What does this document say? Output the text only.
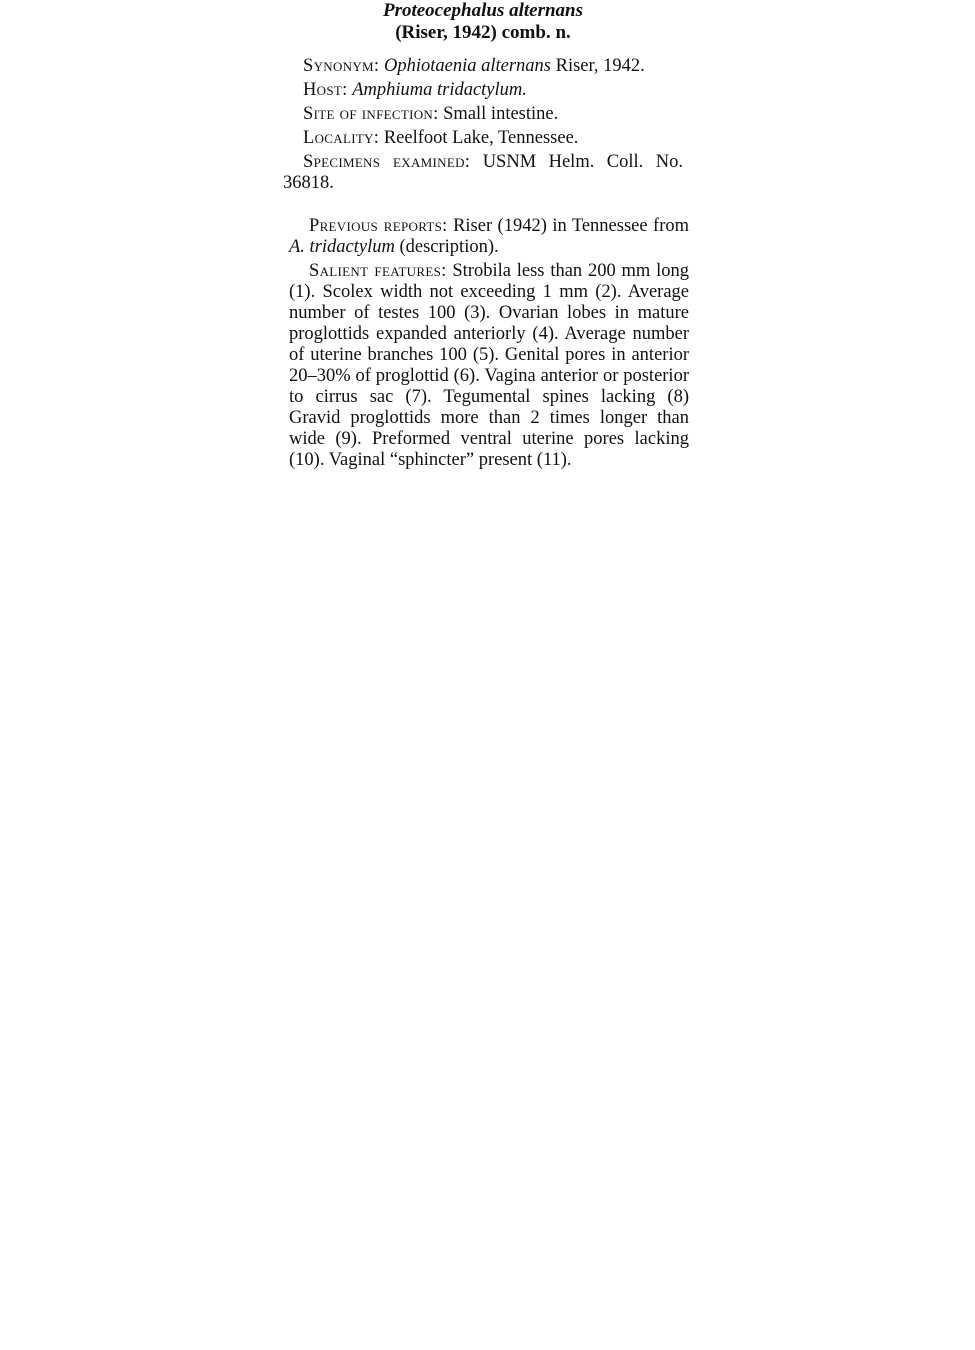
Proteocephalus alternans
(Riser, 1942) comb. n.

Synonym: Ophiotaenia alternans Riser, 1942.

Host: Amphiuma tridactylum.

Site of infection: Small intestine.

Locality: Reelfoot Lake, Tennessee.

Specimens examined: USNM Helm. Coll. No. 36818.

Previous reports: Riser (1942) in Tennessee from A. tridactylum (description).

Salient features: Strobila less than 200 mm long (1). Scolex width not exceeding 1 mm (2). Average number of testes 100 (3). Ovarian lobes in mature proglottids expanded anteriorly (4). Average number of uterine branches 100 (5). Genital pores in anterior 20–30% of proglottid (6). Vagina anterior or posterior to cirrus sac (7). Tegumental spines lacking (8) Gravid proglottids more than 2 times longer than wide (9). Preformed ventral uterine pores lacking (10). Vaginal “sphincter” present (11).
